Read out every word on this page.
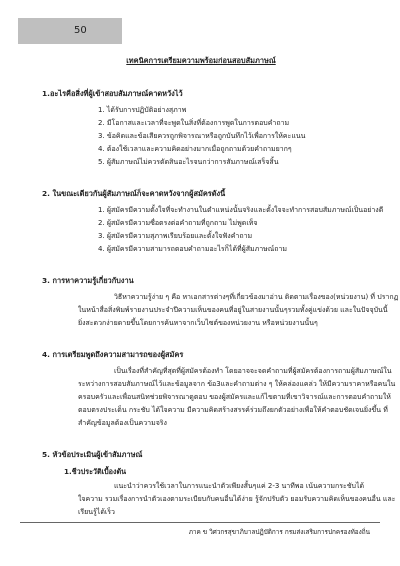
50
เทคนิคการเตรียมความพร้อมก่อนสอบสัมภาษณ์
1.อะไรคือสิ่งที่ผู้เข้าสอบสัมภาษณ์คาดหวังไว้
1. ได้รับการปฏิบัติอย่างสุภาพ
2. มีโอกาสและเวลาที่จะพูดในสิ่งที่ต้องการพูดในการตอบคำถาม
3. ข้อคิดและข้อเสียควรถูกพิจารณาหรือถูกบันทึกไว้เพื่อการให้คะแนน
4. ต้องใช้เวลาและความคิดอย่างมากเมื่อถูกถามด้วยคำถามยากๆ
5. ผู้สัมภาษณ์ไม่ควรตัดสินอะไรจนกว่าการสัมภาษณ์เสร็จสิ้น
2. ในขณะเดียวกันผู้สัมภาษณ์ก็จะคาดหวังจากผู้สมัครดังนี้
1. ผู้สมัครมีความตั้งใจที่จะทำงานในตำแหน่งนั้นจริงและตั้งใจจะทำการสอบสัมภาษณ์เป็นอย่างดี
2. ผู้สมัครมีความซื่อตรงต่อคำถามที่ถูกถาม ไม่พูดเท็จ
3. ผู้สมัครมีความสุภาพเรียบร้อยและตั้งใจฟังคำถาม
4. ผู้สมัครมีความสามารถตอบคำถามอะไรก็ได้ที่ผู้สัมภาษณ์ถาม
3. การหาความรู้เกี่ยวกับงาน
วิธีหาความรู้ง่าย ๆ คือ หาเอกสารต่างๆที่เกี่ยวข้องมาอ่าน ติดตามเรื่องของ(หน่วยงาน) ที่ ปรากฏ
ในหน้าสื่อสิ่งพิมพ์รายงานประจำปีความเห็นของคนที่อยู่ในสายงานนั้นๆรวมทั้งคู่แข่งด้วย และในปัจจุบันนี้
ยิ่งสะดวกง่ายดายขึ้นโดยการค้นหาจากเว็บไซต์ของหน่วยงาน หรือหน่วยงานนั้นๆ
4. การเตรียมพูดถึงความสามารถของผู้สมัคร
เป็นเรื่องที่สำคัญที่สุดที่ผู้สมัครต้องทำ โดยอาจจะจดคำถามที่ผู้สมัครต้องการถามผู้สัมภาษณ์ใน
ระหว่างการสอบสัมภาษณ์ไว้และข้อมูลจาก ข้อ3และคำถามต่าง ๆ ให้คล่องแคล่ว ให้มีความราคาหรือคนใน
ครอบครัวและเพื่อนสนิทช่วยพิจารณาดูตอบ ของผู้สมัครและแก้ไขตามที่เขาวิจารณ์และการตอบคำถามให้
ตอบตรงประเด็น กระชับ ได้ใจความ มีความคิดสร้างสรรค์ร่วมถึงยกตัวอย่างเพื่อให้คำตอบชัดเจนยิ่งขึ้น ที่
สำคัญข้อมูลต้องเป็นความจริง
5. หัวข้อประเมินผู้เข้าสัมภาษณ์
1.ชีวประวัติเบื้องต้น
แนะนำว่าควรใช้เวลาในการแนะนำตัวเพียงสั้นๆแค่ 2-3 นาทีพอ เน้นความกระชับได้
ใจความ รวมเรื่องการนำตัวเองตามระเบียบกับคนอื่นได้ง่าย รู้จักปรับตัว ยอมรับความคิดเห็นของคนอื่น และ
เรียนรู้ได้เร็ว
ภาค ข วิศวกรสุขาภิบาลปฏิบัติการ กรมส่งเสริมการปกครองท้องถิ่น
